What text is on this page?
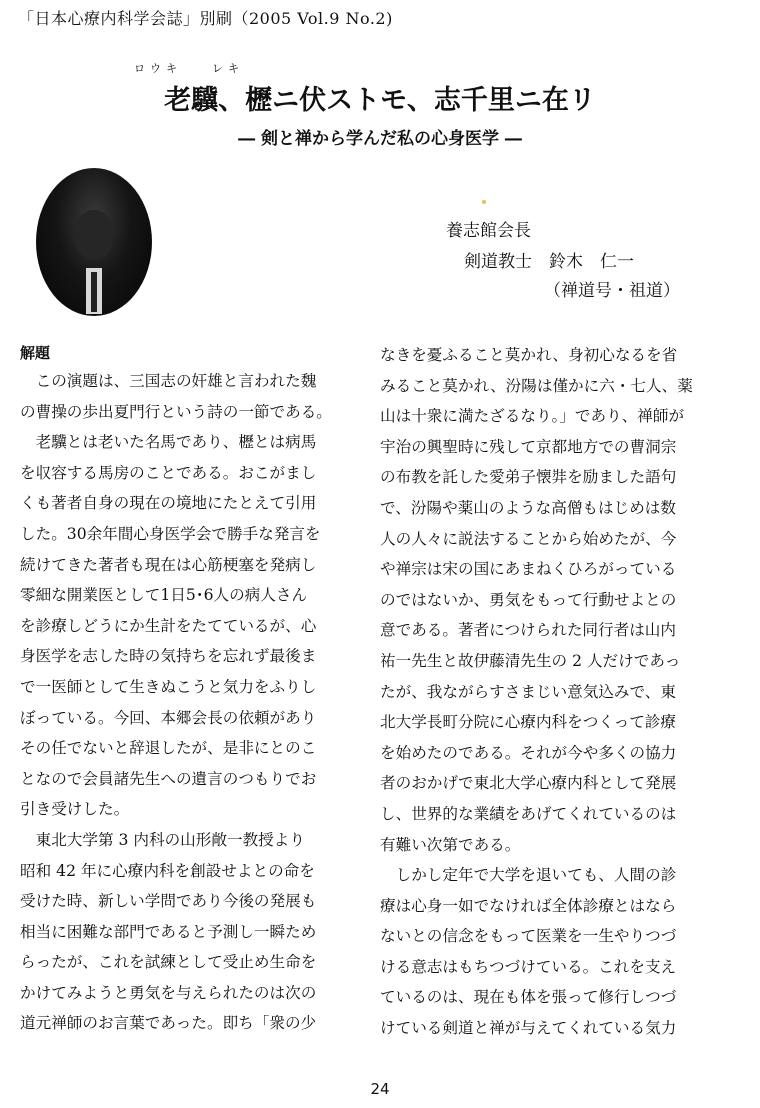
「日本心療内科学会誌」別刷（2005 Vol.9 No.2)
ロウキ	レキ
老驥、櫪ニ伏ストモ、志千里ニ在リ
― 剣と禅から学んだ私の心身医学 ―
養志館会長
剣道教士　鈴木　仁一
（禅道号・祖道）
解題
　この演題は、三国志の奸雄と言われた魏
の曹操の歩出夏門行という詩の一節である。
　老驥とは老いた名馬であり、櫪とは病馬
を収容する馬房のことである。おこがまし
くも著者自身の現在の境地にたとえて引用
した。30余年間心身医学会で勝手な発言を
続けてきた著者も現在は心筋梗塞を発病し
零細な開業医として1日5･6人の病人さん
を診療しどうにか生計をたてているが、心
身医学を志した時の気持ちを忘れず最後ま
で一医師として生きぬこうと気力をふりし
ぼっている。今回、本郷会長の依頼があり
その任でないと辞退したが、是非にとのこ
となので会員諸先生への遺言のつもりでお
引き受けした。
　東北大学第 3 内科の山形敞一教授より
昭和 42 年に心療内科を創設せよとの命を
受けた時、新しい学問であり今後の発展も
相当に困難な部門であると予測し一瞬ため
らったが、これを試練として受止め生命を
かけてみようと勇気を与えられたのは次の
道元禅師のお言葉であった。即ち「衆の少
なきを憂ふること莫かれ、身初心なるを省
みること莫かれ、汾陽は僅かに六・七人、薬
山は十衆に満たざるなり。」であり、禅師が
宇治の興聖時に残して京都地方での曹洞宗
の布教を託した愛弟子懐弉を励ました語句
で、汾陽や薬山のような高僧もはじめは数
人の人々に説法することから始めたが、今
や禅宗は宋の国にあまねくひろがっている
のではないか、勇気をもって行動せよとの
意である。著者につけられた同行者は山内
祐一先生と故伊藤清先生の 2 人だけであっ
たが、我ながらすさまじい意気込みで、東
北大学長町分院に心療内科をつくって診療
を始めたのである。それが今や多くの協力
者のおかげで東北大学心療内科として発展
し、世界的な業績をあげてくれているのは
有難い次第である。
　しかし定年で大学を退いても、人間の診
療は心身一如でなければ全体診療とはなら
ないとの信念をもって医業を一生やりつづ
ける意志はもちつづけている。これを支え
ているのは、現在も体を張って修行しつづ
けている剣道と禅が与えてくれている気力
24
